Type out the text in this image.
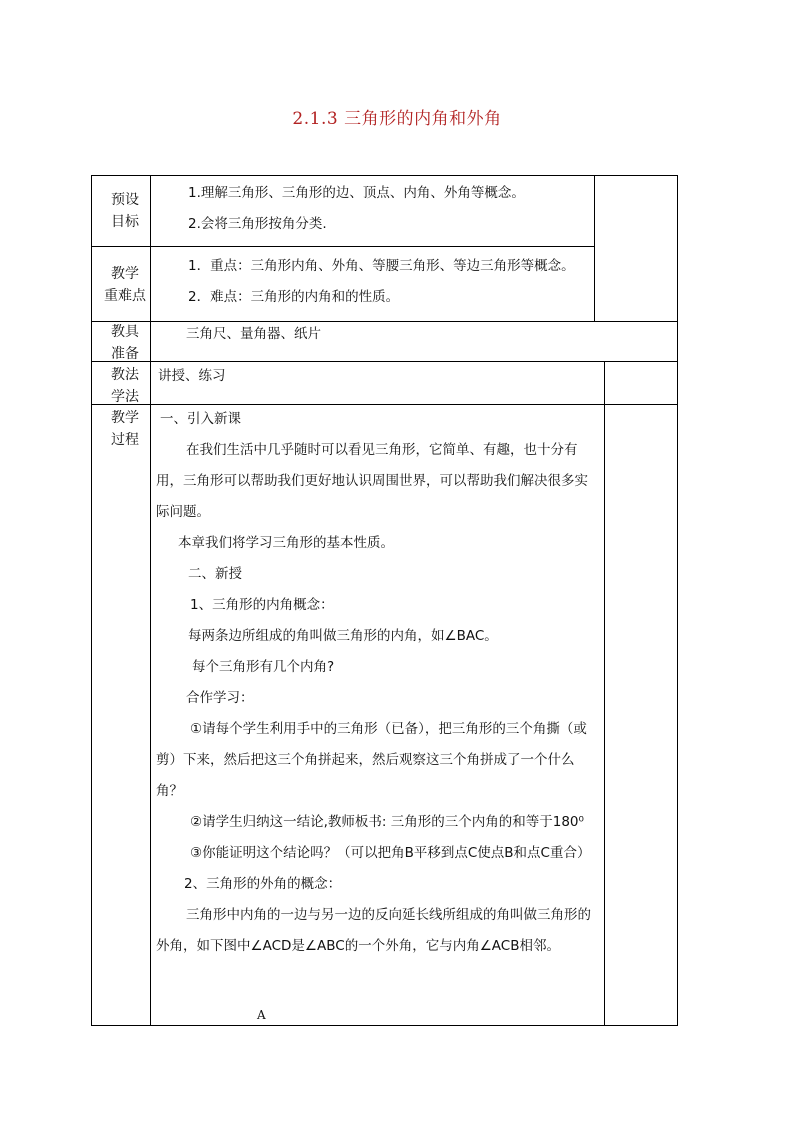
2.1.3 三角形的内角和外角
预设
目标
1.理解三角形、三角形的边、顶点、内角、外角等概念。
2.会将三角形按角分类.
教学
重难点
1．重点：三角形内角、外角、等腰三角形、等边三角形等概念。
2．难点：三角形的内角和的性质。
教具
准备
三角尺、量角器、纸片
教法
学法
讲授、练习
教学
过程

一、引入新课

在我们生活中几乎随时可以看见三角形，它简单、有趣，也十分有用，三角形可以帮助我们更好地认识周围世界，可以帮助我们解决很多实际问题。

本章我们将学习三角形的基本性质。

二、新授

1、三角形的内角概念：

每两条边所组成的角叫做三角形的内角，如∠BAC。

每个三角形有几个内角?

合作学习：

①请每个学生利用手中的三角形（已备），把三角形的三个角撕（或剪）下来，然后把这三个角拼起来，然后观察这三个角拼成了一个什么角？

②请学生归纳这一结论,教师板书: 三角形的三个内角的和等于180⁰

③你能证明这个结论吗？（可以把角B平移到点C使点B和点C重合）

2、三角形的外角的概念：

三角形中内角的一边与另一边的反向延长线所组成的角叫做三角形的外角，如下图中∠ACD是∠ABC的一个外角，它与内角∠ACB相邻。

A
